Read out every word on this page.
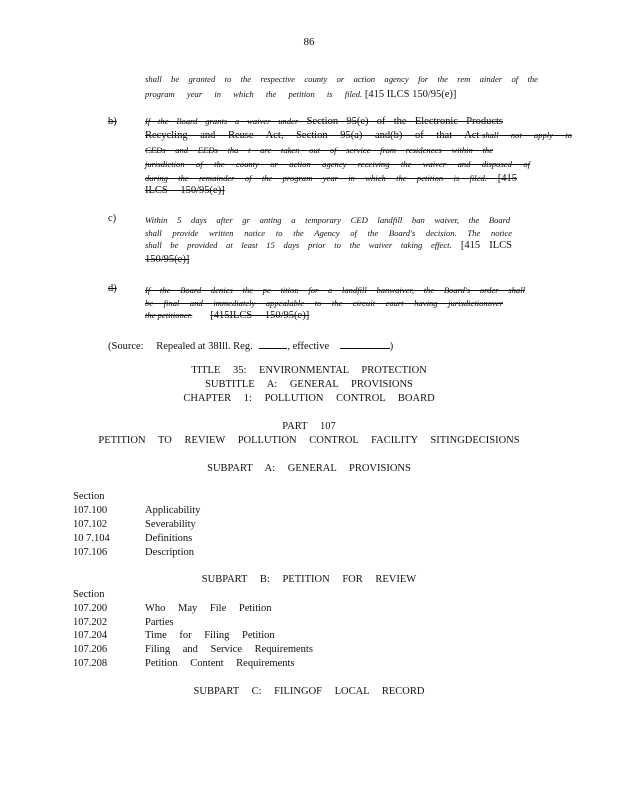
86
shall be granted to the respective county or action agency for the rem ainder of the
program year in which the petition is filed. [415 ILCS 150/95(e)]
b)	If the Board grants a waiver under Section 95(e) of the Electronic Products
Recycling and Reuse Act, Section 95(a) and(b) of that Act shall not apply to
CEDs and EEDs tha t are taken out of service from residences within the
jurisdiction of the county or action agency receiving the waiver and disposed of
during the remainder of the program year in which the petition is filed. [415
ILCS 150/95(e)]
c)	Within 5 days after gr anting a temporary CED landfill ban waiver, the Board
shall provide written notice to the Agency of the Board's decision. The notice
shall be provided at least 15 days prior to the waiver taking effect. [415 ILCS
150/95(e)]
d)	If the Board denies the pe tition for a landfill banwaiver, the Board's order shall
be final and immediately appealable to the circuit court having jurisdictionover
the petitioner. [415ILCS 150/95(e)]
(Source: Repealed at 38Ill. Reg.	, effective	)
TITLE 35: ENVIRONMENTAL PROTECTION
SUBTITLE A: GENERAL PROVISIONS
CHAPTER 1: POLLUTION CONTROL BOARD
PART 107
PETITION TO REVIEW POLLUTION CONTROL FACILITY SITINGDECISIONS
SUBPART A: GENERAL PROVISIONS
Section
107.100	Applicability
107.102	Severability
10 7.104	Definitions
107.106	Description
SUBPART B: PETITION FOR REVIEW
Section
107.200	Who May File Petition
107.202	Parties
107.204	Time for Filing Petition
107.206	Filing and Service Requirements
107.208	Petition Content Requirements
SUBPART C: FILINGOF LOCAL RECORD
